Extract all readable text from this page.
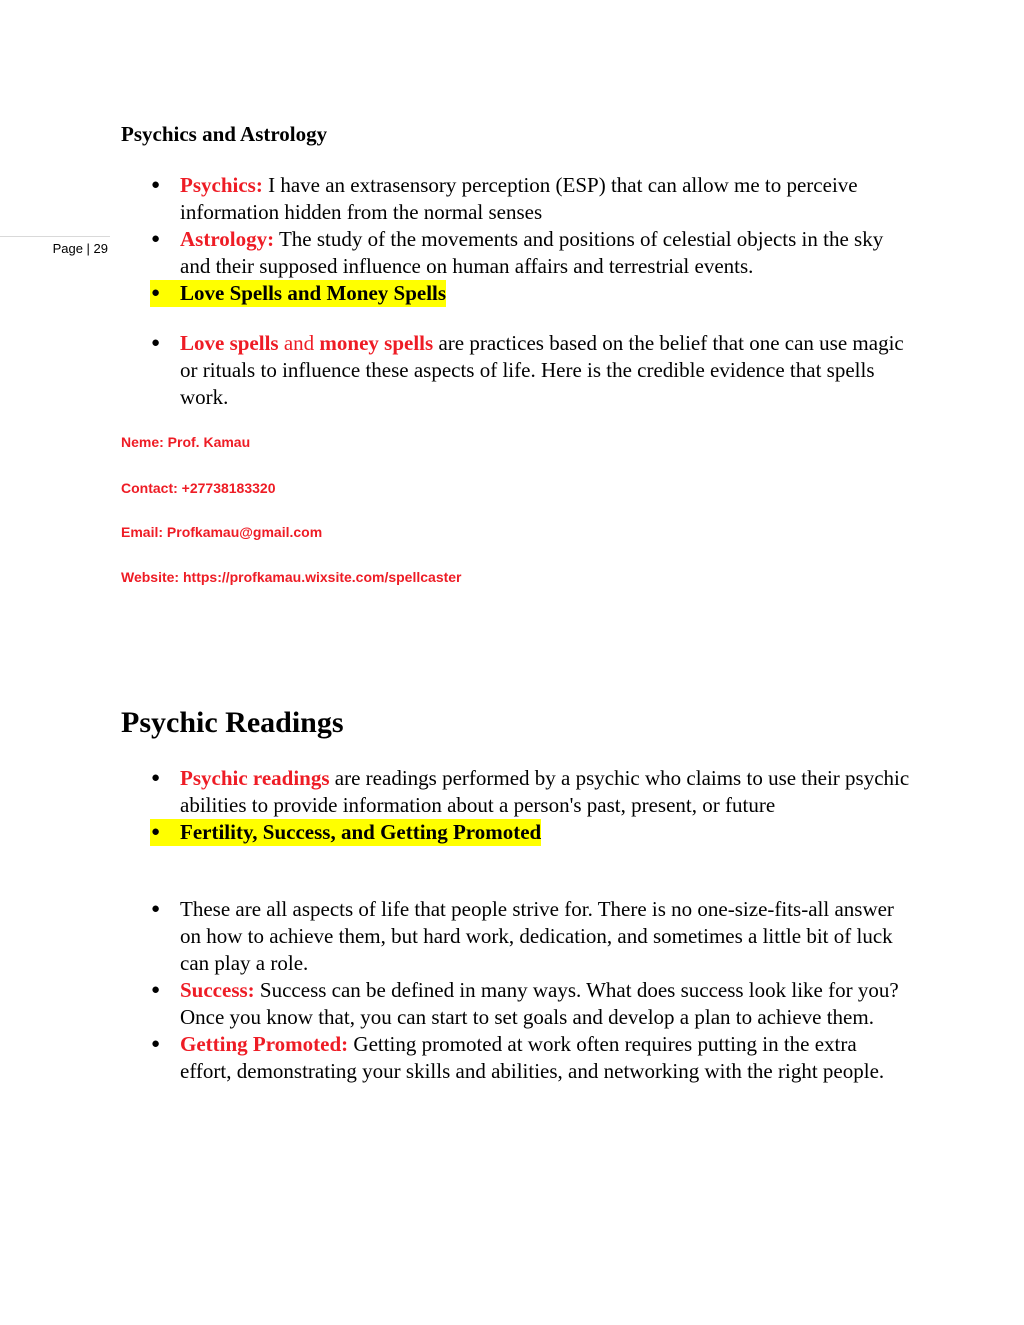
Page | 29
Psychics and Astrology
● Psychics: I have an extrasensory perception (ESP) that can allow me to perceive information hidden from the normal senses
● Astrology: The study of the movements and positions of celestial objects in the sky and their supposed influence on human affairs and terrestrial events.
● Love Spells and Money Spells
● Love spells and money spells are practices based on the belief that one can use magic or rituals to influence these aspects of life. Here is the credible evidence that spells work.

Neme: Prof. Kamau

Contact: +27738183320

Email: Profkamau@gmail.com

Website: https://profkamau.wixsite.com/spellcaster

Psychic Readings
● Psychic readings are readings performed by a psychic who claims to use their psychic abilities to provide information about a person's past, present, or future
● Fertility, Success, and Getting Promoted
● These are all aspects of life that people strive for. There is no one-size-fits-all answer on how to achieve them, but hard work, dedication, and sometimes a little bit of luck can play a role.
● Success: Success can be defined in many ways. What does success look like for you? Once you know that, you can start to set goals and develop a plan to achieve them.
● Getting Promoted: Getting promoted at work often requires putting in the extra effort, demonstrating your skills and abilities, and networking with the right people.
